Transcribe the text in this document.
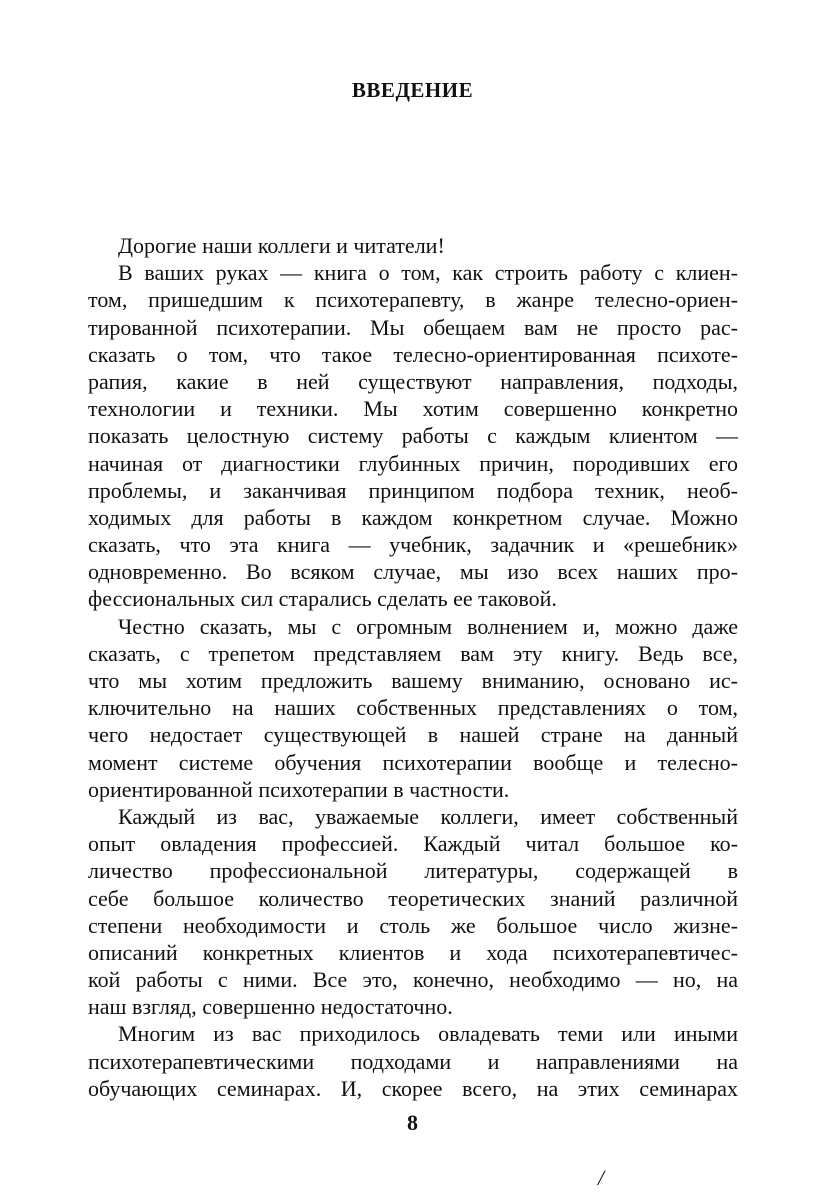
ВВЕДЕНИЕ
Дорогие наши коллеги и читатели!
В ваших руках — книга о том, как строить работу с клиен-
том, пришедшим к психотерапевту, в жанре телесно-ориен-
тированной психотерапии. Мы обещаем вам не просто рас-
сказать о том, что такое телесно-ориентированная психоте-
рапия, какие в ней существуют направления, подходы,
технологии и техники. Мы хотим совершенно конкретно
показать целостную систему работы с каждым клиентом —
начиная от диагностики глубинных причин, породивших его
проблемы, и заканчивая принципом подбора техник, необ-
ходимых для работы в каждом конкретном случае. Можно
сказать, что эта книга — учебник, задачник и «решебник»
одновременно. Во всяком случае, мы изо всех наших про-
фессиональных сил старались сделать ее таковой.
Честно сказать, мы с огромным волнением и, можно даже
сказать, с трепетом представляем вам эту книгу. Ведь все,
что мы хотим предложить вашему вниманию, основано ис-
ключительно на наших собственных представлениях о том,
чего недостает существующей в нашей стране на данный
момент системе обучения психотерапии вообще и телесно-
ориентированной психотерапии в частности.
Каждый из вас, уважаемые коллеги, имеет собственный
опыт овладения профессией. Каждый читал большое ко-
личество профессиональной литературы, содержащей в
себе большое количество теоретических знаний различной
степени необходимости и столь же большое число жизне-
описаний конкретных клиентов и хода психотерапевтичес-
кой работы с ними. Все это, конечно, необходимо — но, на
наш взгляд, совершенно недостаточно.
Многим из вас приходилось овладевать теми или иными
психотерапевтическими подходами и направлениями на
обучающих семинарах. И, скорее всего, на этих семинарах
8
/
